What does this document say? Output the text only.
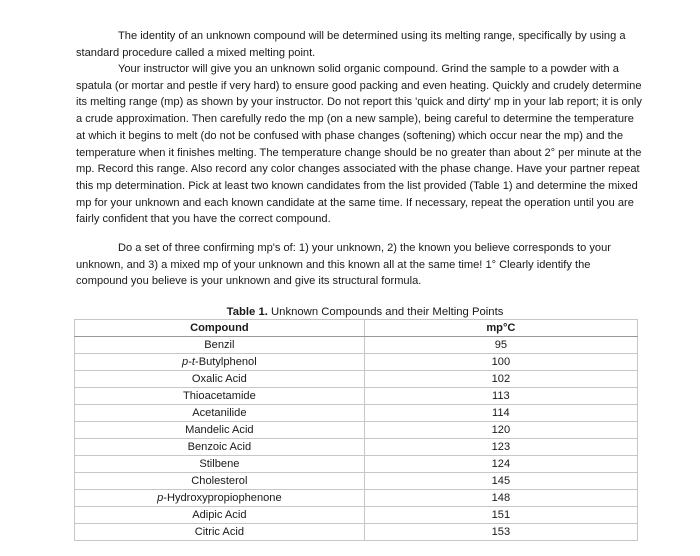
The identity of an unknown compound will be determined using its melting range, specifically by using a standard procedure called a mixed melting point.

Your instructor will give you an unknown solid organic compound. Grind the sample to a powder with a spatula (or mortar and pestle if very hard) to ensure good packing and even heating. Quickly and crudely determine its melting range (mp) as shown by your instructor. Do not report this 'quick and dirty' mp in your lab report; it is only a crude approximation. Then carefully redo the mp (on a new sample), being careful to determine the temperature at which it begins to melt (do not be confused with phase changes (softening) which occur near the mp) and the temperature when it finishes melting. The temperature change should be no greater than about 2° per minute at the mp. Record this range. Also record any color changes associated with the phase change. Have your partner repeat this mp determination. Pick at least two known candidates from the list provided (Table 1) and determine the mixed mp for your unknown and each known candidate at the same time. If necessary, repeat the operation until you are fairly confident that you have the correct compound.

Do a set of three confirming mp's of: 1) your unknown, 2) the known you believe corresponds to your unknown, and 3) a mixed mp of your unknown and this known all at the same time! 1° Clearly identify the compound you believe is your unknown and give its structural formula.

Table 1. Unknown Compounds and their Melting Points
Compound	mp°C
Benzil	95
p-t-Butylphenol	100
Oxalic Acid	102
Thioacetamide	113
Acetanilide	114
Mandelic Acid	120
Benzoic Acid	123
Stilbene	124
Cholesterol	145
p-Hydroxypropiophenone	148
Adipic Acid	151
Citric Acid	153
